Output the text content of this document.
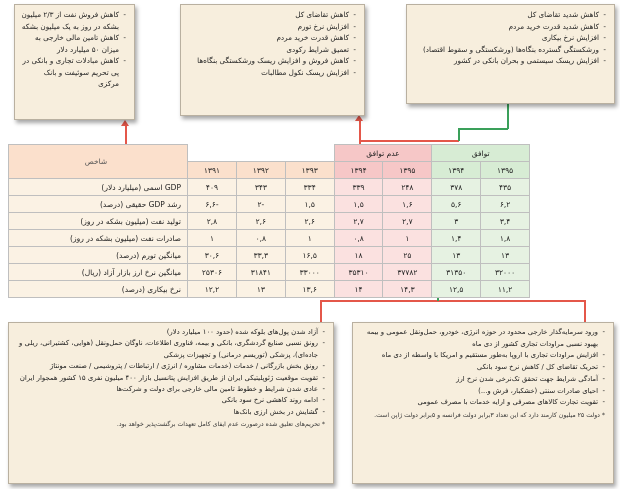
- کاهش فروش نفت از ۲/۳ میلیون بشکه در روز به یک میلیون بشکه
- کاهش تامین مالی خارجی به میزان ۵۰ میلیارد دلار
- کاهش مبادلات تجاری و بانکی در پی تحریم سوئیفت و بانک مرکزی
- کاهش تقاضای کل
- افزایش نرخ تورم
- کاهش قدرت خرید مردم
- تعمیق شرایط رکودی
- کاهش فروش و افزایش ریسک ورشکستگی بنگاه‌ها
- افزایش ریسک نکول مطالبات
- کاهش شدید تقاضای کل
- کاهش شدید قدرت خرید مردم
- افزایش نرخ بیکاری
- ورشکستگی گسترده بنگاه‌ها (ورشکستگی و سقوط اقتصاد)
- افزایش ریسک سیستمی و بحران بانکی در کشور
توافق		عدم توافق					شاخص
۱۳۹۵	۱۳۹۴	۱۳۹۵	۱۳۹۴	۱۳۹۳	۱۳۹۲	۱۳۹۱	
۴۳۵	۳۷۸	۲۴۸	۳۳۹	۳۳۴	۳۴۳	۴۰۹	GDP اسمی (میلیارد دلار)
۶,۲	۵,۶	۱,۶	۱,۵	۱,۵	-۲	-۶,۶	رشد GDP حقیقی (درصد)
۳,۴	۳	۲,۷	۲,۷	۲,۶	۲,۶	۲,۸	تولید نفت (میلیون بشکه در روز)
۱,۸	۱,۴	۱	۰,۸	۱	۰,۸	۱	صادرات نفت (میلیون بشکه در روز)
۱۳	۱۳	۲۵	۱۸	۱۶,۵	۳۳,۳	۳۰,۶	میانگین تورم (درصد)
۳۲۰۰۰	۳۱۳۵۰	۳۷۷۸۲	۳۵۳۱۰	۳۳۰۰۰	۳۱۸۴۱	۲۵۳۰۶	میانگین نرخ ارز بازار آزاد (ریال)
۱۱,۲	۱۲,۵	۱۴,۳	۱۴	۱۳,۶	۱۳	۱۲,۲	نرخ بیکاری (درصد)
- آزاد شدن پول‌های بلوکه شده (حدود ۱۰۰ میلیارد دلار)
- رونق نسبی صنایع گردشگری، بانکی و بیمه، فناوری اطلاعات، ناوگان حمل‌ونقل (هوایی، کشتیرانی، ریلی و جاده‌ای)، پزشکی (توریسم درمانی) و تجهیزات پزشکی
- رونق بخش بازرگانی / خدمات (خدمات مشاوره / انرژی / ارتباطات / پتروشیمی / صنعت مونتاژ
- تقویت موقعیت ژئوپلیتیکی ایران از طریق افزایش پتانسیل بازار ۴۰۰ میلیون نفری ۱۵ کشور همجوار ایران
- عادی شدن شرایط و خطوط تامین مالی خارجی برای دولت و شرکت‌ها
- ادامه روند کاهشی نرخ سود بانکی
- گشایش در بخش ارزی بانک‌ها
* تحریم‌های تعلیق شده درصورت عدم ایفای کامل تعهدات برگشت‌پذیر خواهد بود.
- ورود سرمایه‌گذار خارجی محدود در حوزه انرژی، خودرو، حمل‌ونقل عمومی و بیمه بهبود نسبی مراودات تجاری کشور از دی ماه
- افزایش مراودات تجاری با اروپا به‌طور مستقیم و امریکا با واسطه از دی ماه
- تحریک تقاضای کل / کاهش نرخ سود بانکی
- آمادگی شرایط جهت تحقق تک‌نرخی شدن نرخ ارز
- احیای صادرات سنتی (خشکبار، فرش و...)
- تقویت تجارت کالاهای مصرفی و ارایه خدمات با مصرف عمومی
* دولت ۲۵ میلیون کارمند دارد که این تعداد ۳برابر دولت فرانسه و ۵برابر دولت ژاپن است.
